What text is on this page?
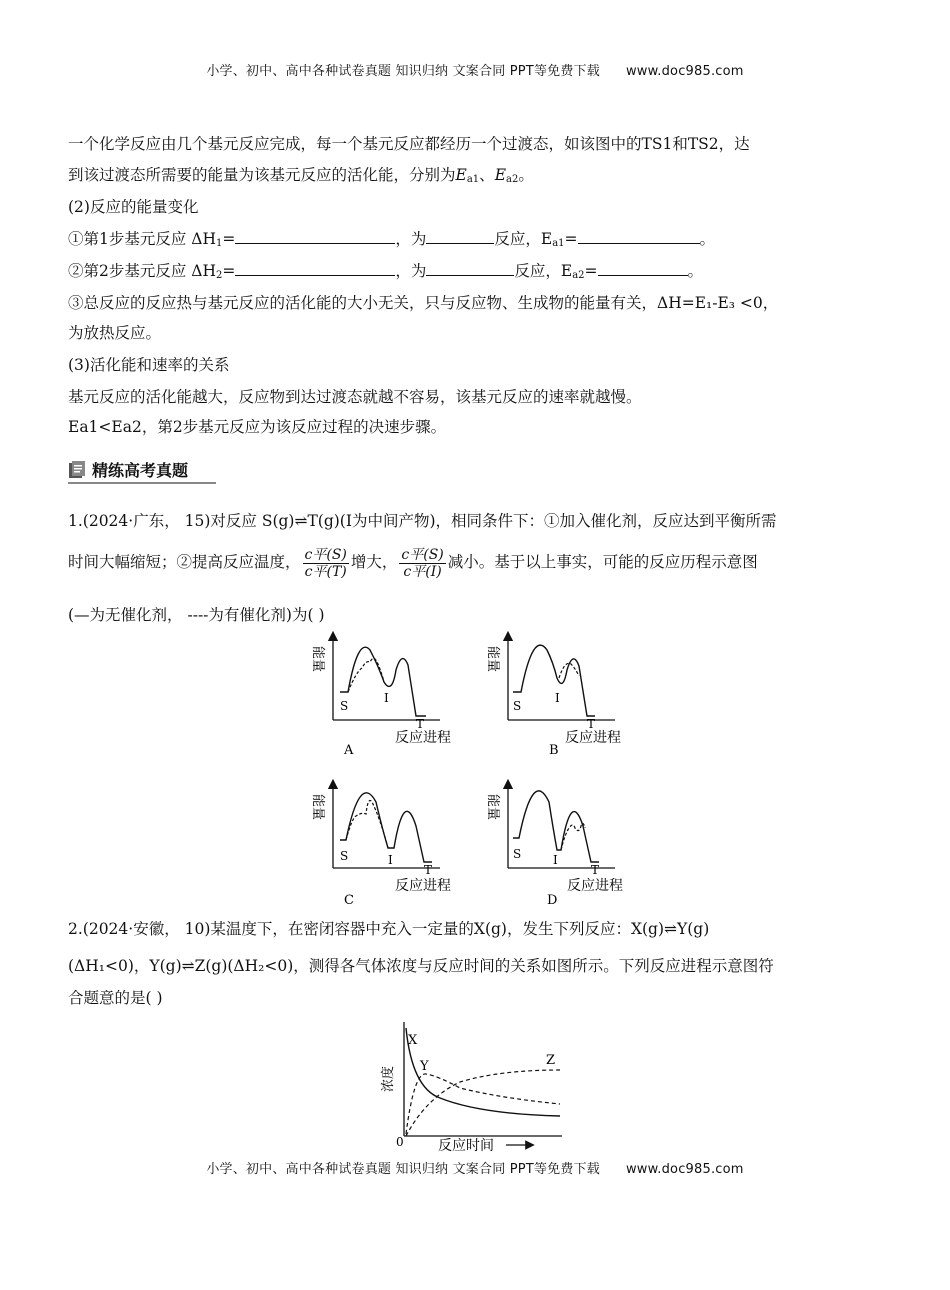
小学、初中、高中各种试卷真题 知识归纳 文案合同 PPT等免费下载 www.doc985.com
一个化学反应由几个基元反应完成，每一个基元反应都经历一个过渡态，如该图中的TS1和TS2，达
到该过渡态所需要的能量为该基元反应的活化能，分别为$E_{a1}$、$E_{a2}$。
(2)反应的能量变化
①第1步基元反应 $\Delta H_1=$	，为	反应，$E_{a1}=$	。
②第2步基元反应 $\Delta H_2=$	，为	反应，$E_{a2}=$	。
③总反应的反应热与基元反应的活化能的大小无关，只与反应物、生成物的能量有关，ΔH=E₁-E₃ <0，
为放热反应。
(3)活化能和速率的关系
基元反应的活化能越大，反应物到达过渡态就越不容易，该基元反应的速率就越慢。
Ea1<Ea2，第2步基元反应为该反应过程的决速步骤。
精练高考真题
1.(2024·广东， 15)对反应 S(g)⇌T(g)(I为中间产物)，相同条件下：①加入催化剂，反应达到平衡所需
时间大幅缩短；②提高反应温度， $\frac{\text{c平(S)}}{\text{c平(T)}}$ 增大， $\frac{\text{c平(S)}}{\text{c平(I)}}$ 减小。基于以上事实，可能的反应历程示意图
(—为无催化剂， ----为有催化剂)为( )
能量
S
I
T
反应进程
A
能量
S
I
T
反应进程
B
能量
S	I
T
反应进程
C
能量
S	I
T
反应进程
D
2.(2024·安徽， 10)某温度下，在密闭容器中充入一定量的X(g)，发生下列反应：X(g)⇌Y(g)
(ΔH₁<0)，Y(g)⇌Z(g)(ΔH₂<0)，测得各气体浓度与反应时间的关系如图所示。下列反应进程示意图符
合题意的是( )
浓度
0 反应时间
X
Y	Z
小学、初中、高中各种试卷真题 知识归纳 文案合同 PPT等免费下载 www.doc985.com
